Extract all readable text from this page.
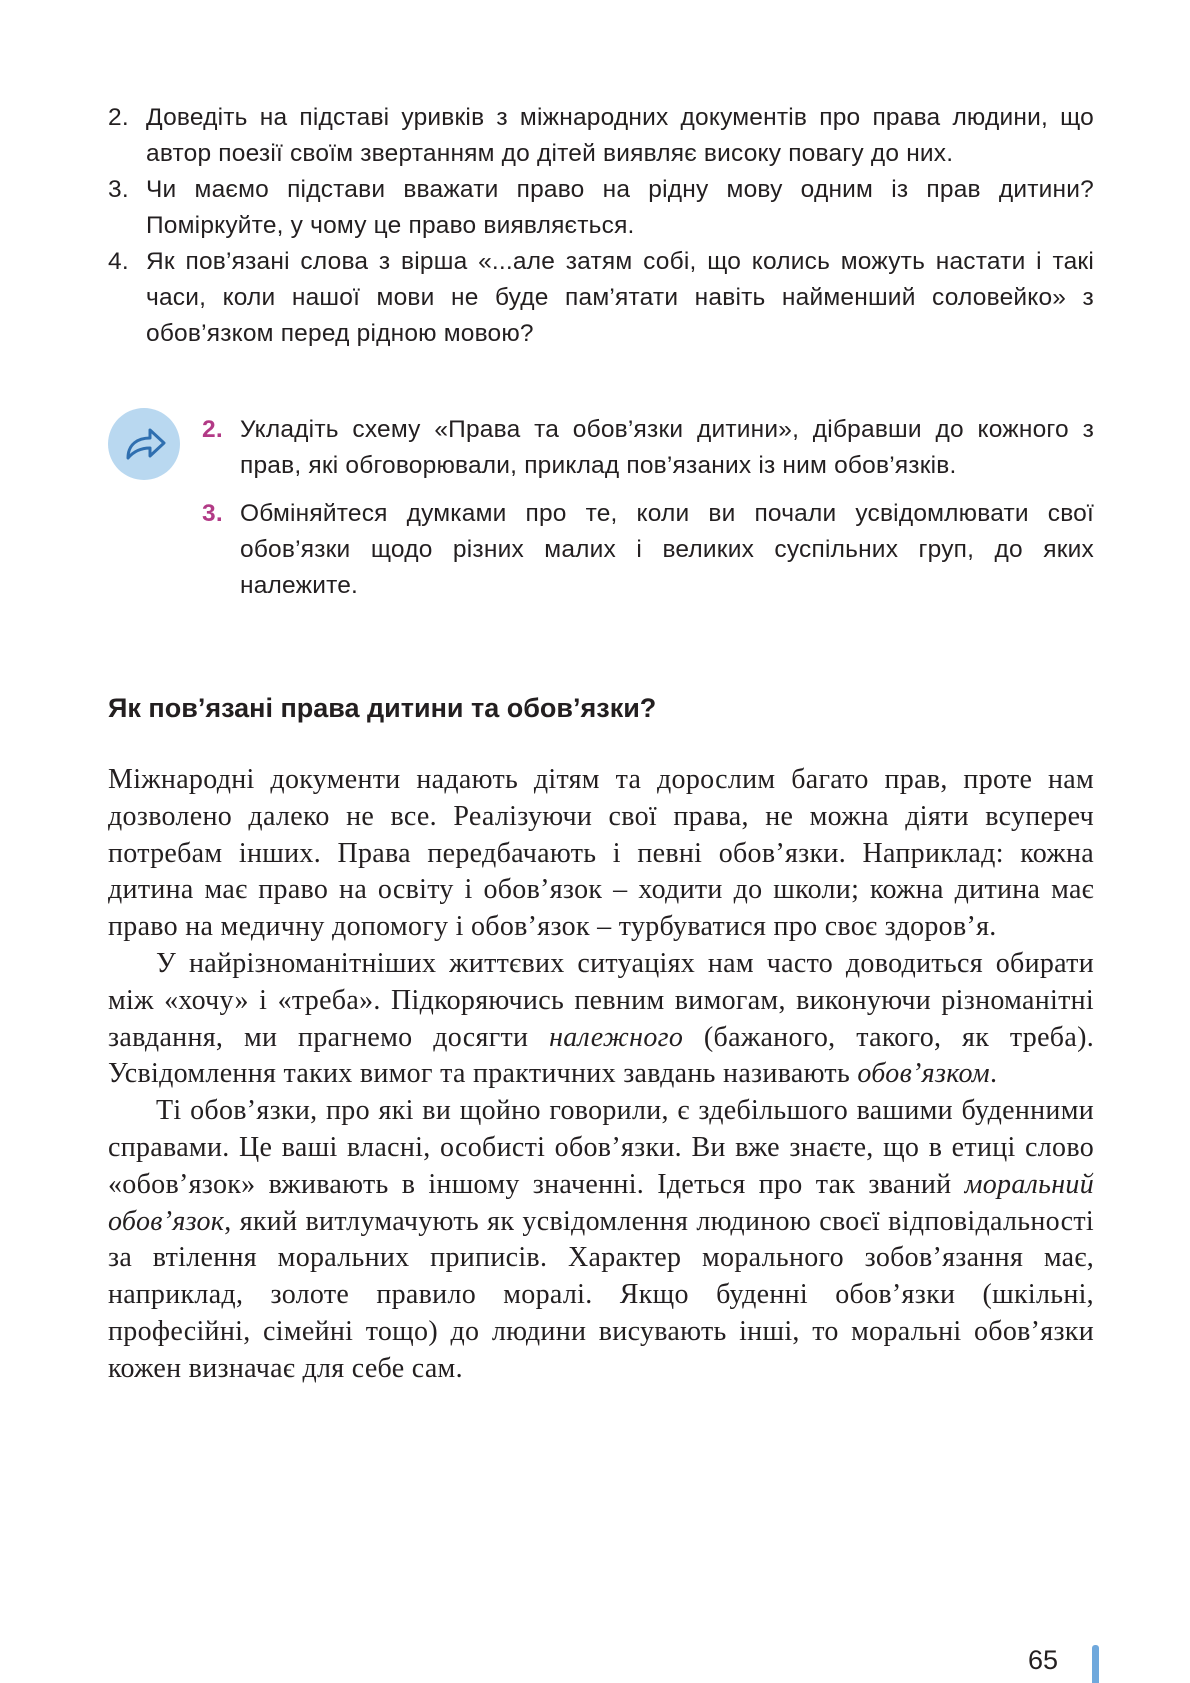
2. Доведіть на підставі уривків з міжнародних документів про права людини, що автор поезії своїм звертанням до дітей виявляє високу повагу до них.
3. Чи маємо підстави вважати право на рідну мову одним із прав дитини? Поміркуйте, у чому це право виявляється.
4. Як пов’язані слова з вірша «...але затям собі, що колись можуть настати і такі часи, коли нашої мови не буде пам’ятати навіть найменший соловейко» з обов’язком перед рідною мовою?
2. Укладіть схему «Права та обов’язки дитини», дібравши до кожного з прав, які обговорювали, приклад пов’язаних із ним обов’язків.
3. Обміняйтеся думками про те, коли ви почали усвідомлювати свої обов’язки щодо різних малих і великих суспільних груп, до яких належите.
Як пов’язані права дитини та обов’язки?

Міжнародні документи надають дітям та дорослим багато прав, проте нам дозволено далеко не все. Реалізуючи свої права, не можна діяти всупереч потребам інших. Права передбачають і певні обов’язки. Наприклад: кожна дитина має право на освіту і обов’язок – ходити до школи; кожна дитина має право на медичну допомогу і обов’язок – турбуватися про своє здоров’я.

У найрізноманітніших життєвих ситуаціях нам часто доводиться обирати між «хочу» і «треба». Підкоряючись певним вимогам, виконуючи різноманітні завдання, ми прагнемо досягти належного (бажаного, такого, як треба). Усвідомлення таких вимог та практичних завдань називають обов’язком.

Ті обов’язки, про які ви щойно говорили, є здебільшого вашими буденними справами. Це ваші власні, особисті обов’язки. Ви вже знаєте, що в етиці слово «обов’язок» вживають в іншому значенні. Ідеться про так званий моральний обов’язок, який витлумачують як усвідомлення людиною своєї відповідальності за втілення моральних приписів. Характер морального зобов’язання має, наприклад, золоте правило моралі. Якщо буденні обов’язки (шкільні, професійні, сімейні тощо) до людини висувають інші, то моральні обов’язки кожен визначає для себе сам.

65
